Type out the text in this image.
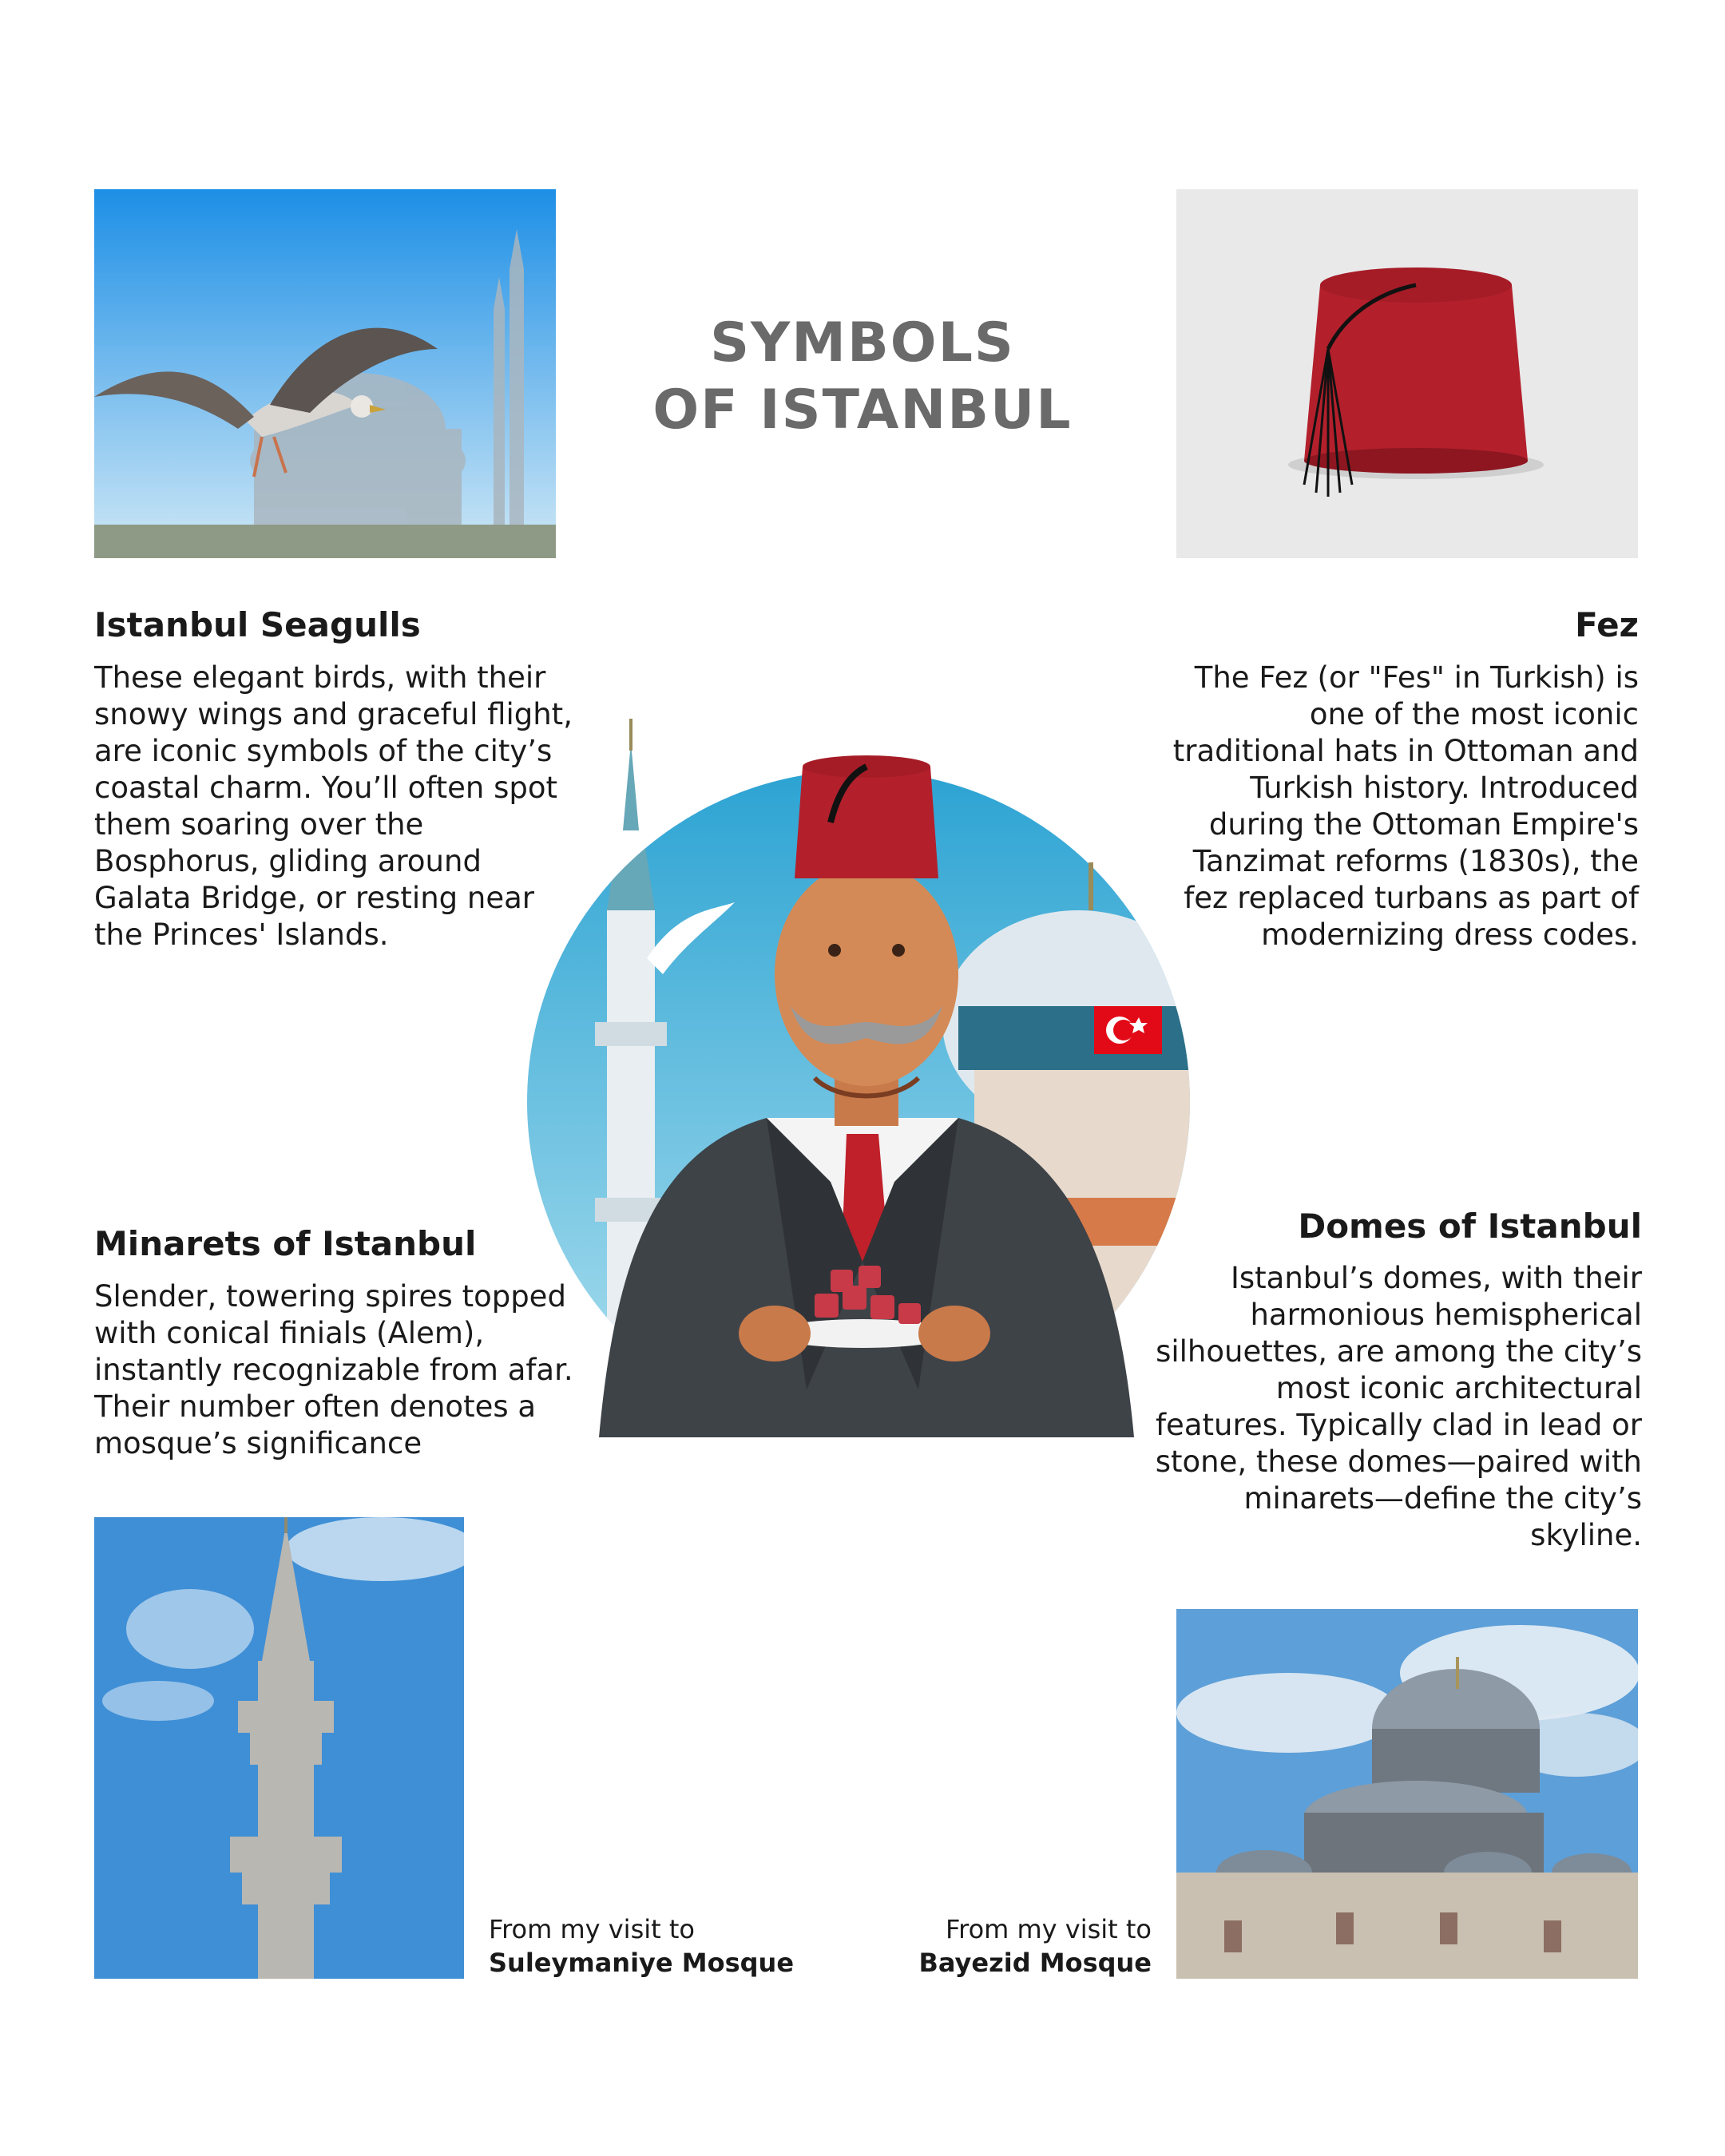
SYMBOLS
OF ISTANBUL
Istanbul Seagulls
These elegant birds, with their
snowy wings and graceful flight,
are iconic symbols of the city’s
coastal charm. You’ll often spot
them soaring over the
Bosphorus, gliding around
Galata Bridge, or resting near
the Princes' Islands.
Fez
The Fez (or "Fes" in Turkish) is
one of the most iconic
traditional hats in Ottoman and
Turkish history. Introduced
during the Ottoman Empire's
Tanzimat reforms (1830s), the
fez replaced turbans as part of
modernizing dress codes.
Minarets of Istanbul
Slender, towering spires topped
with conical finials (Alem),
instantly recognizable from afar.
Their number often denotes a
mosque’s significance
Domes of Istanbul
Istanbul’s domes, with their
harmonious hemispherical
silhouettes, are among the city’s
most iconic architectural
features. Typically clad in lead or
stone, these domes—paired with
minarets—define the city’s
skyline.
From my visit to
Suleymaniye Mosque
From my visit to
Bayezid Mosque
